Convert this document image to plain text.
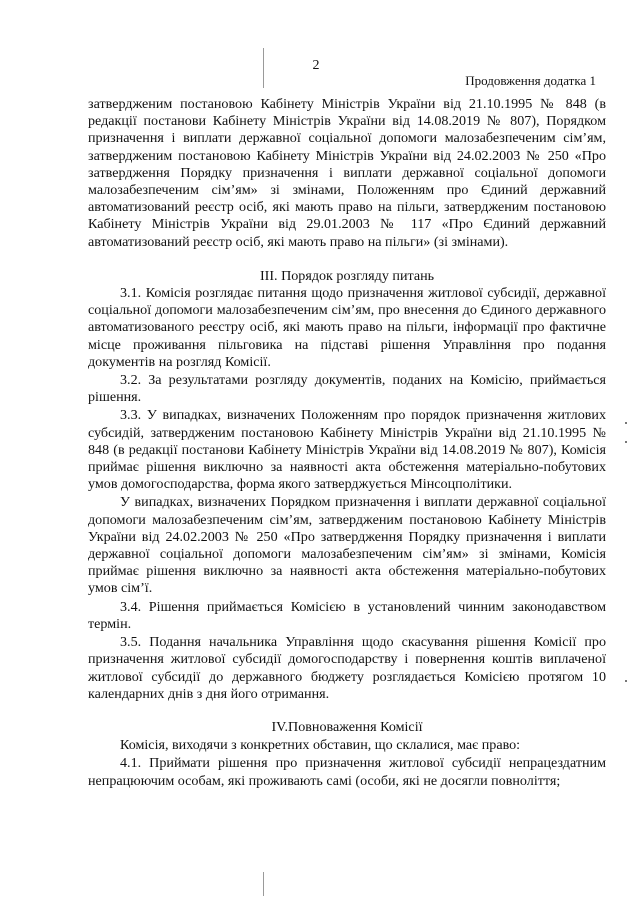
2
Продовження додатка 1

затвердженим постановою Кабінету Міністрів України від 21.10.1995 № 848 (в редакції постанови Кабінету Міністрів України від 14.08.2019 № 807), Порядком призначення і виплати державної соціальної допомоги малозабезпеченим сім’ям, затвердженим постановою Кабінету Міністрів України від 24.02.2003 № 250 «Про затвердження Порядку призначення і виплати державної соціальної допомоги малозабезпеченим сім’ям» зі змінами, Положенням про Єдиний державний автоматизований реєстр осіб, які мають право на пільги, затвердженим постановою Кабінету Міністрів України від 29.01.2003 № 117 «Про Єдиний державний автоматизований реєстр осіб, які мають право на пільги» (зі змінами).

ІІІ. Порядок розгляду питань

3.1. Комісія розглядає питання щодо призначення житлової субсидії, державної соціальної допомоги малозабезпеченим сім’ям, про внесення до Єдиного державного автоматизованого реєстру осіб, які мають право на пільги, інформації про фактичне місце проживання пільговика на підставі рішення Управління про подання документів на розгляд Комісії.

3.2. За результатами розгляду документів, поданих на Комісію, приймається рішення.

3.3. У випадках, визначених Положенням про порядок призначення житлових субсидій, затвердженим постановою Кабінету Міністрів України від 21.10.1995 № 848 (в редакції постанови Кабінету Міністрів України від 14.08.2019 № 807), Комісія приймає рішення виключно за наявності акта обстеження матеріально-побутових умов домогосподарства, форма якого затверджується Мінсоцполітики.

У випадках, визначених Порядком призначення і виплати державної соціальної допомоги малозабезпеченим сім’ям, затвердженим постановою Кабінету Міністрів України від 24.02.2003 № 250 «Про затвердження Порядку призначення і виплати державної соціальної допомоги малозабезпеченим сім’ям» зі змінами, Комісія приймає рішення виключно за наявності акта обстеження матеріально-побутових умов сім’ї.

3.4. Рішення приймається Комісією в установлений чинним законодавством термін.

3.5. Подання начальника Управління щодо скасування рішення Комісії про призначення житлової субсидії домогосподарству і повернення коштів виплаченої житлової субсидії до державного бюджету розглядається Комісією протягом 10 календарних днів з дня його отримання.

IV.Повноваження Комісії

Комісія, виходячи з конкретних обставин, що склалися, має право:

4.1. Приймати рішення про призначення житлової субсидії непрацездатним непрацюючим особам, які проживають самі (особи, які не досягли повноліття;
